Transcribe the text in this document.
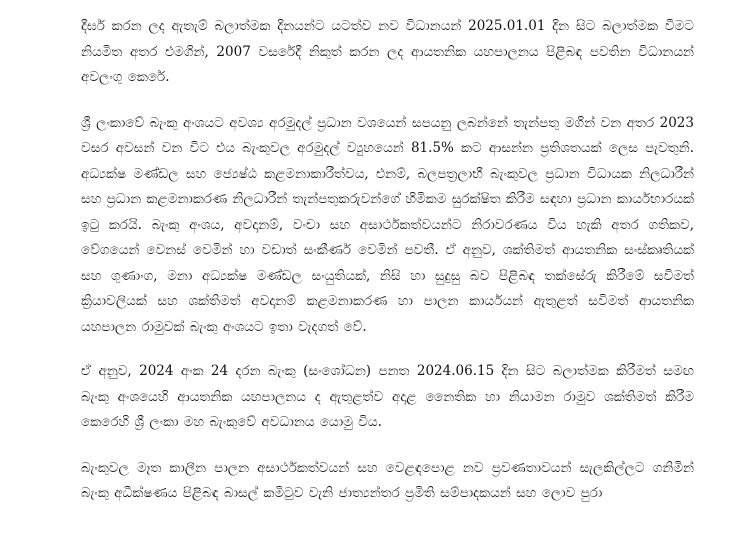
දීර්ඝ කරන ලද ඇතැම් බලාත්මක දිනයන්ට යටත්ව නව විධානයන් 2025.01.01 දින සිට බලාත්මක වීමට නියමිත අතර එමගින්, 2007 වසරේදී නිකුත් කරන ලද ආයතනික යහපාලනය පිළිබඳ පවතින විධානයන් අවලංගු කෙරේ.

ශ්‍රී ලංකාවේ බැංකු අංශයට අවශ්‍ය අරමුදල් ප්‍රධාන වශයෙන් සපයනු ලබන්නේ තැන්පතු මගින් වන අතර 2023 වසර අවසන් වන විට එය බැංකුවල අරමුදල් ව්‍යුහයෙන් 81.5% කට ආසන්න ප්‍රතිශතයක් ලෙස පැවතුනි. අධ්‍යක්ෂ මණ්ඩල සහ ජ්‍යෙෂ්ඨ කළමනාකාරීත්වය, එනම්, බලපත්‍රලාභී බැංකුවල ප්‍රධාන විධායක නිලධාරීන් සහ ප්‍රධාන කළමනාකරණ නිලධාරීන් තැන්පතුකරුවන්ගේ හිමිකම සුරක්ෂිත කිරීම සඳහා ප්‍රධාන කාර්යභාරයක් ඉටු කරයි. බැංකු අංශය, අවදානම්, වංචා සහ අසාර්ථකත්වයන්ට නිරාවරණය විය හැකි අතර ගතිකව, වේගයෙන් වෙනස් වෙමින් හා වඩාත් සංකීර්ණ වෙමින් පවතී. ඒ අනුව, ශක්තිමත් ආයතනික සංස්කෘතියක් සහ ගුණාංග, මනා අධ්‍යක්ෂ මණ්ඩල සංයුතියක්, නිසි හා සුදුසු බව පිළිබඳ තක්සේරු කිරීමේ සවිමත් ක්‍රියාවලියක් සහ ශක්තිමත් අවදානම් කළමනාකරණ හා පාලන කාර්යයන් ඇතුළත් සවිමත් ආයතනික යහපාලන රාමුවක් බැංකු අංශයට ඉතා වැදගත් වේ.

ඒ අනුව, 2024 අංක 24 දරන බැංකු (සංශෝධන) පනත 2024.06.15 දින සිට බලාත්මක කිරීමත් සමඟ බැංකු අංශයෙහි ආයතනික යහපාලනය ද ඇතුළත්ව අදාළ නෛතික හා නියාමන රාමුව ශක්තිමත් කිරීම කෙරෙහි ශ්‍රී ලංකා මහ බැංකුවේ අවධානය යොමු විය.

බැංකුවල මෑත කාලීන පාලන අසාර්ථකත්වයන් සහ වෙළඳපොළ නව ප්‍රවණතාවයන් සැලකිල්ලට ගනිමින් බැංකු අධීක්ෂණය පිළිබඳ බාසල් කමිටුව වැනි ජාත්‍යන්තර ප්‍රමිති සම්පාදකයන් සහ ලොව පුරා
